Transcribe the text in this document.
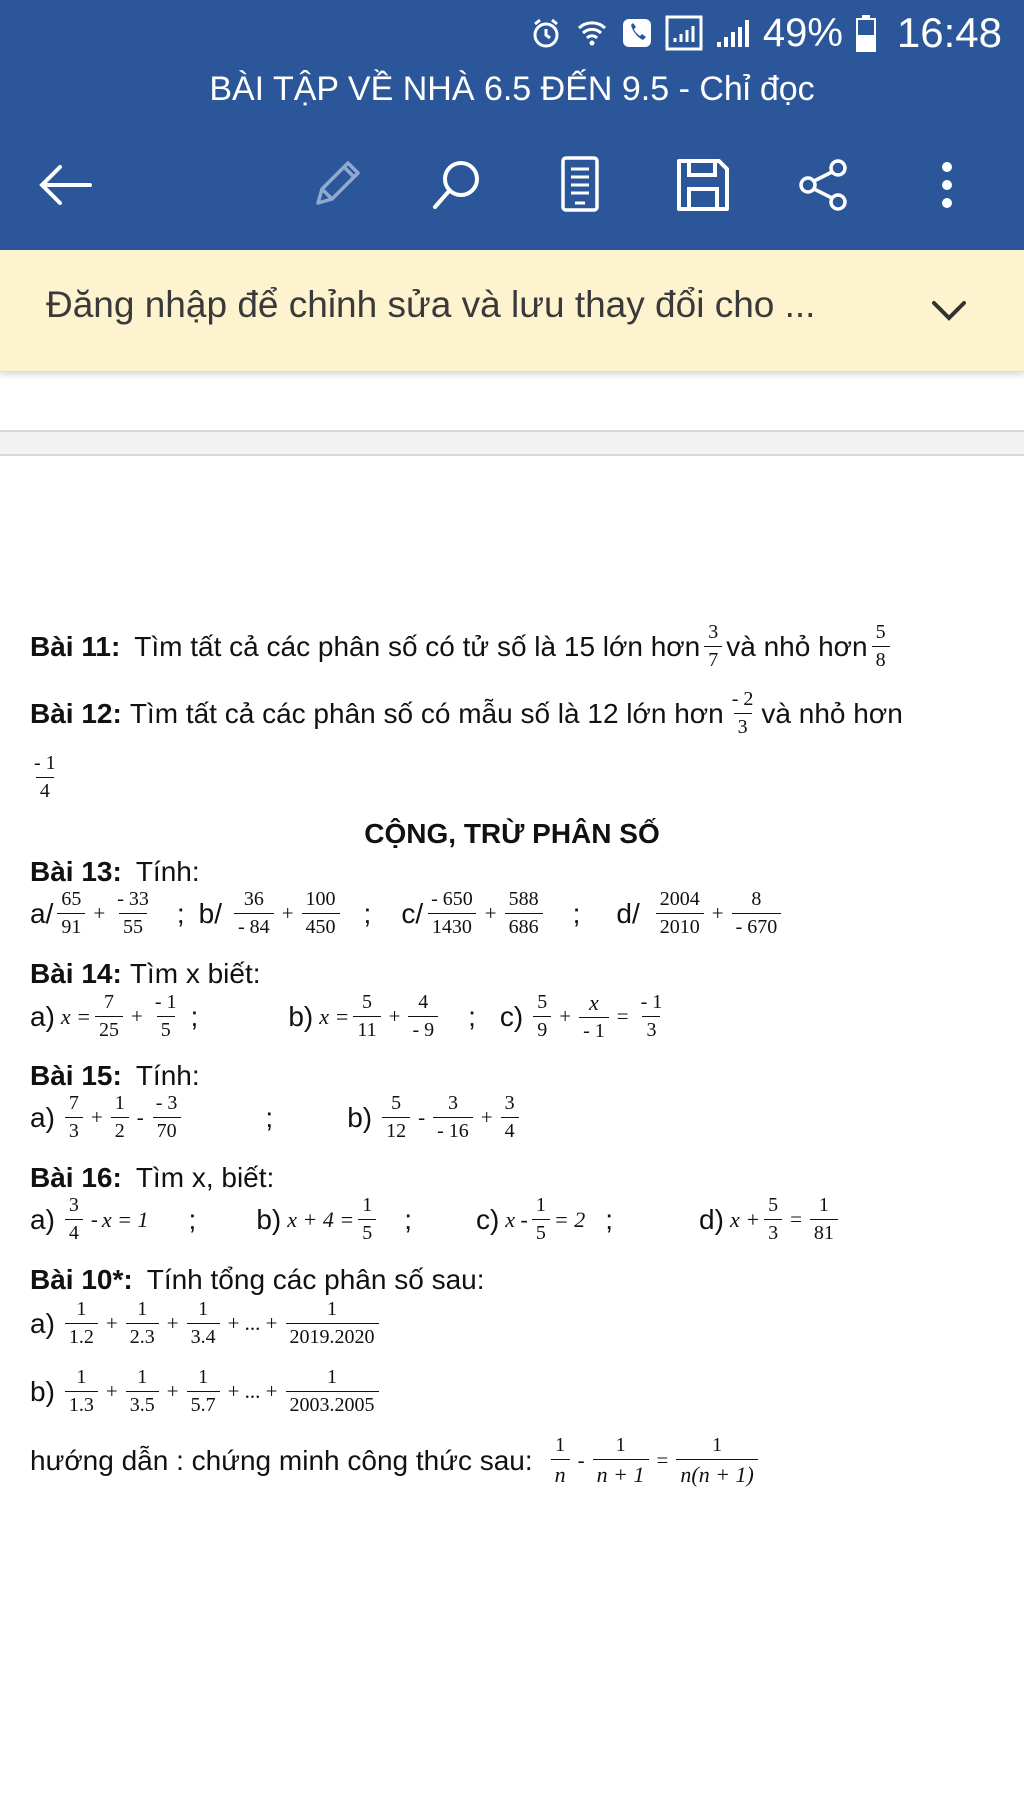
49% 16:48
BÀI TẬP VỀ NHÀ 6.5 ĐẾN 9.5 - Chỉ đọc
Đăng nhập để chỉnh sửa và lưu thay đổi cho ...
Bài 11: Tìm tất cả các phân số có tử số là 15 lớn hơn $\frac{3}{7}$ và nhỏ hơn $\frac{5}{8}$
Bài 12: Tìm tất cả các phân số có mẫu số là 12 lớn hơn $\frac{- 2}{3}$ và nhỏ hơn
$\frac{- 1}{4}$
CỘNG, TRỪ PHÂN SỐ
Bài 13: Tính:
$a/ \frac{65}{91} + \frac{- 33}{55}$ ; $b/ \frac{36}{- 84} + \frac{100}{450}$ ; $c/ \frac{- 650}{1430} + \frac{588}{686}$ ; $d/ \frac{2004}{2010} + \frac{8}{- 670}$
Bài 14: Tìm x biết:
a) $x = \frac{7}{25} + \frac{- 1}{5}$ ;	b) $x = \frac{5}{11} + \frac{4}{- 9}$ ; $c) \frac{5}{9} + \frac{x}{- 1} = \frac{- 1}{3}$
Bài 15: Tính:
$a) \frac{7}{3} + \frac{1}{2} - \frac{- 3}{70}$	;	$b) \frac{5}{12} - \frac{3}{- 16} + \frac{3}{4}$
Bài 16: Tìm x, biết:
$a) \frac{3}{4} - x = 1$ ; b) $x + 4 = \frac{1}{5}$ ; c) $x - \frac{1}{5} = 2$ ;	d) $x + \frac{5}{3} = \frac{1}{81}$
Bài 10*: Tính tổng các phân số sau:
$a) \frac{1}{1.2} + \frac{1}{2.3} + \frac{1}{3.4}$ + ... + $\frac{1}{2019.2020}$
$b) \frac{1}{1.3} + \frac{1}{3.5} + \frac{1}{5.7}$ + ... + $\frac{1}{2003.2005}$
hướng dẫn : chứng minh công thức sau: $\frac{1}{n} - \frac{1}{n + 1} = \frac{1}{n(n + 1)}$
